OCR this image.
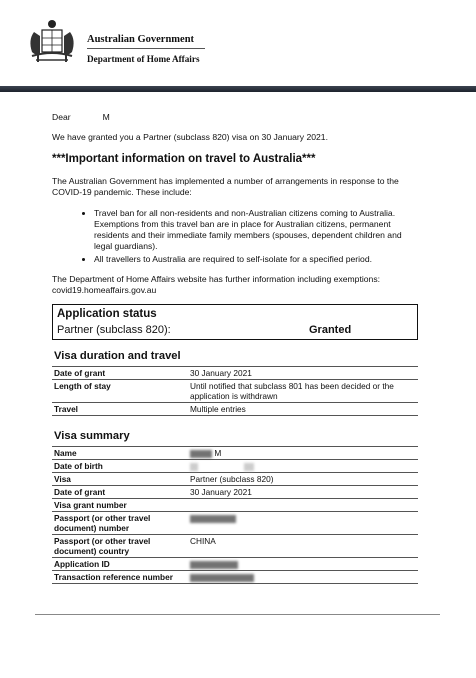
Australian Government
Department of Home Affairs
Dear	M
We have granted you a Partner (subclass 820) visa on 30 January 2021.
***Important information on travel to Australia***
The Australian Government has implemented a number of arrangements in response to the COVID-19 pandemic. These include:
• Travel ban for all non-residents and non-Australian citizens coming to Australia. Exemptions from this travel ban are in place for Australian citizens, permanent residents and their immediate family members (spouses, dependent children and legal guardians).
• All travellers to Australia are required to self-isolate for a specified period.
The Department of Home Affairs website has further information including exemptions:
covid19.homeaffairs.gov.au
Application status
Partner (subclass 820):	Granted
Visa duration and travel
Date of grant	30 January 2021
Length of stay	Until notified that subclass 801 has been decided or the application is withdrawn
Travel	Multiple entries
Visa summary
Name	M
Date of birth	
Visa	Partner (subclass 820)
Date of grant	30 January 2021
Visa grant number	
Passport (or other travel document) number	
Passport (or other travel document) country	CHINA
Application ID	
Transaction reference number	
